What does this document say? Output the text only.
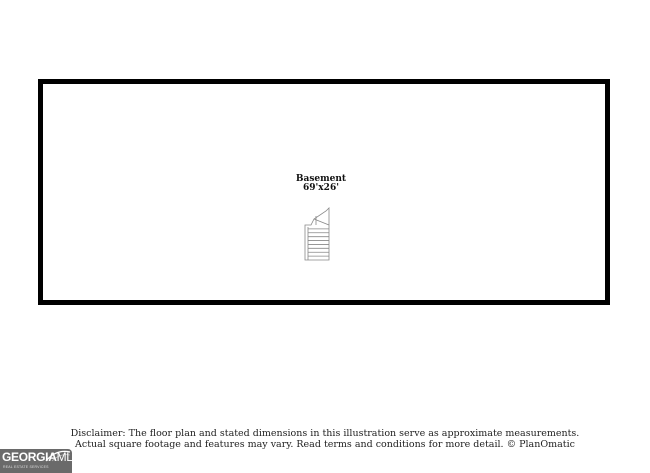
Basement
69'x26'
Disclaimer: The floor plan and stated dimensions in this illustration serve as approximate measurements.
Actual square footage and features may vary. Read terms and conditions for more detail. © PlanOmatic
GEORGIAMLS
REAL ESTATE SERVICES
